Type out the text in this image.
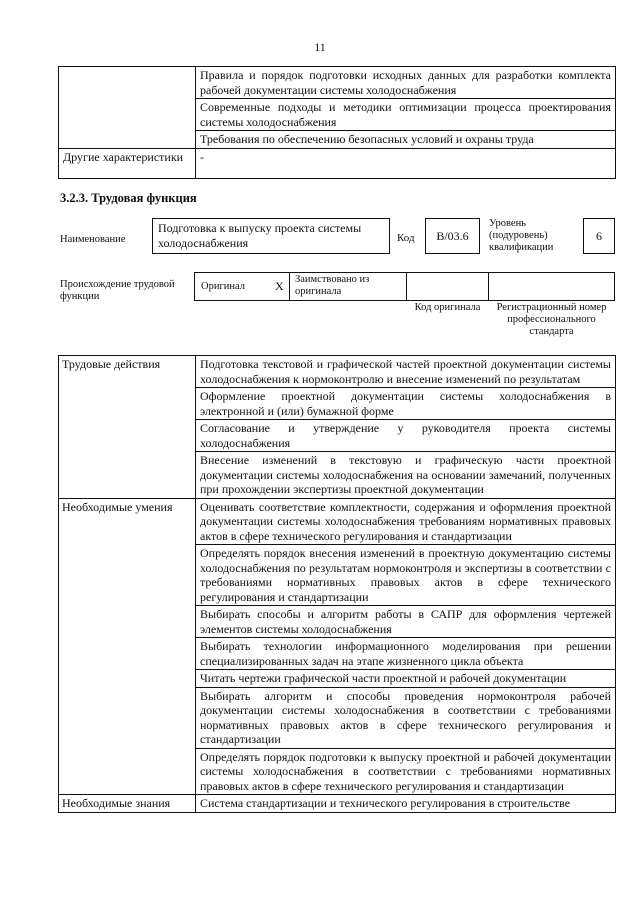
11
	Правила и порядок подготовки исходных данных для разработки комплекта рабочей документации системы холодоснабжения
	Современные подходы и методики оптимизации процесса проектирования системы холодоснабжения
	Требования по обеспечению безопасных условий и охраны труда
Другие характеристики	-
3.2.3. Трудовая функция
Наименование
Подготовка к выпуску проекта системы холодоснабжения	Код	B/03.6
Уровень (подуровень) квалификации
6
Происхождение трудовой функции
Оригинал	X	Заимствовано из оригинала
Код оригинала	Регистрационный номер профессионального стандарта
Трудовые действия	Подготовка текстовой и графической частей проектной документации системы холодоснабжения к нормоконтролю и внесение изменений по результатам
	Оформление проектной документации системы холодоснабжения в электронной и (или) бумажной форме
	Согласование и утверждение у руководителя проекта системы холодоснабжения
	Внесение изменений в текстовую и графическую части проектной документации системы холодоснабжения на основании замечаний, полученных при прохождении экспертизы проектной документации
Необходимые умения	Оценивать соответствие комплектности, содержания и оформления проектной документации системы холодоснабжения требованиям нормативных правовых актов в сфере технического регулирования и стандартизации
	Определять порядок внесения изменений в проектную документацию системы холодоснабжения по результатам нормоконтроля и экспертизы в соответствии с требованиями нормативных правовых актов в сфере технического регулирования и стандартизации
	Выбирать способы и алгоритм работы в САПР для оформления чертежей элементов системы холодоснабжения
	Выбирать технологии информационного моделирования при решении специализированных задач на этапе жизненного цикла объекта
	Читать чертежи графической части проектной и рабочей документации
	Выбирать алгоритм и способы проведения нормоконтроля рабочей документации системы холодоснабжения в соответствии с требованиями нормативных правовых актов в сфере технического регулирования и стандартизации
	Определять порядок подготовки к выпуску проектной и рабочей документации системы холодоснабжения в соответствии с требованиями нормативных правовых актов в сфере технического регулирования и стандартизации
Необходимые знания	Система стандартизации и технического регулирования в строительстве
